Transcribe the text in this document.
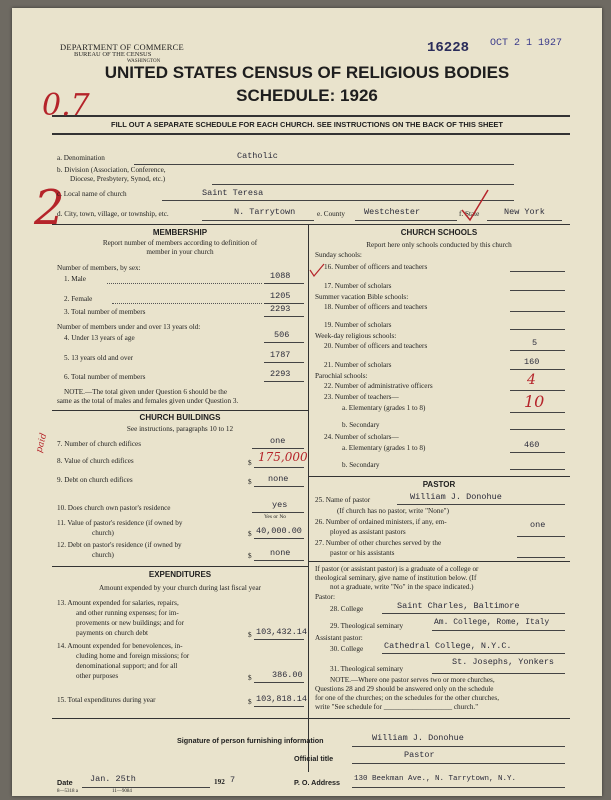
DEPARTMENT OF COMMERCE
BUREAU OF THE CENSUS
WASHINGTON
16228 OCT 2 1 1927
UNITED STATES CENSUS OF RELIGIOUS BODIES
SCHEDULE: 1926
FILL OUT A SEPARATE SCHEDULE FOR EACH CHURCH. SEE INSTRUCTIONS ON THE BACK OF THIS SHEET
0.7
2
paid
a. Denomination	Catholic
b. Division (Association, Conference,
Diocese, Presbytery, Synod, etc.)
c. Local name of church	Saint Teresa
d. City, town, village, or township, etc.	N. Tarrytown	e. County Westchester	f. State	New York
MEMBERSHIP
Report number of members according to definition of
member in your church
Number of members, by sex:
1. Male	1088
2. Female	1205
3. Total number of members	2293
Number of members under and over 13 years old:
4. Under 13 years of age	506
5. 13 years old and over	1787
6. Total number of members	2293
NOTE.—The total given under Question 6 should be the
same as the total of males and females given under Question 3.
CHURCH BUILDINGS
See instructions, paragraphs 10 to 12
7. Number of church edifices	one
8. Value of church edifices	$ 175,000
9. Debt on church edifices	$ none
10. Does church own pastor's residence	yes
Yes or No
11. Value of pastor's residence (if owned by
church)	$ 40,000.00
12. Debt on pastor's residence (if owned by
church)	$ none
EXPENDITURES
Amount expended by your church during last fiscal year
13. Amount expended for salaries, repairs,
and other running expenses; for im-
provements or new buildings; and for
payments on church debt	$ 103,432.14
14. Amount expended for benevolences, in-
cluding home and foreign missions; for
denominational support; and for all
other purposes	$ 386.00
15. Total expenditures during year	$ 103,818.14
CHURCH SCHOOLS
Report here only schools conducted by this church
Sunday schools:
16. Number of officers and teachers
17. Number of scholars
Summer vacation Bible schools:
18. Number of officers and teachers
19. Number of scholars
Week-day religious schools:
20. Number of officers and teachers	5
21. Number of scholars	160
Parochial schools:
22. Number of administrative officers	4
23. Number of teachers—
a. Elementary (grades 1 to 8)	10
b. Secondary
24. Number of scholars—
a. Elementary (grades 1 to 8)	460
b. Secondary
PASTOR
25. Name of pastor	William J. Donohue
(If church has no pastor, write "None")
26. Number of ordained ministers, if any, em-
ployed as assistant pastors
one
27. Number of other churches served by the
pastor or his assistants
If pastor (or assistant pastor) is a graduate of a college or
theological seminary, give name of institution below. (If
not a graduate, write "No" in the space indicated.)
Pastor:
28. College	Saint Charles, Baltimore
29. Theological seminary	Am. College, Rome, Italy
Assistant pastor:
30. College Cathedral College, N.Y.C.
31. Theological seminary
St. Josephs, Yonkers
NOTE.—Where one pastor serves two or more churches,
Questions 28 and 29 should be answered only on the schedule
for one of the churches; on the schedules for the other churches,
write "See schedule for ___________________ church."
Signature of person furnishing information	William J. Donohue
Official title	Pastor
Date Jan. 25th	192 7	P. O. Address 130 Beekman Ave., N. Tarrytown, N.Y.
8—5318 a	11—9084
